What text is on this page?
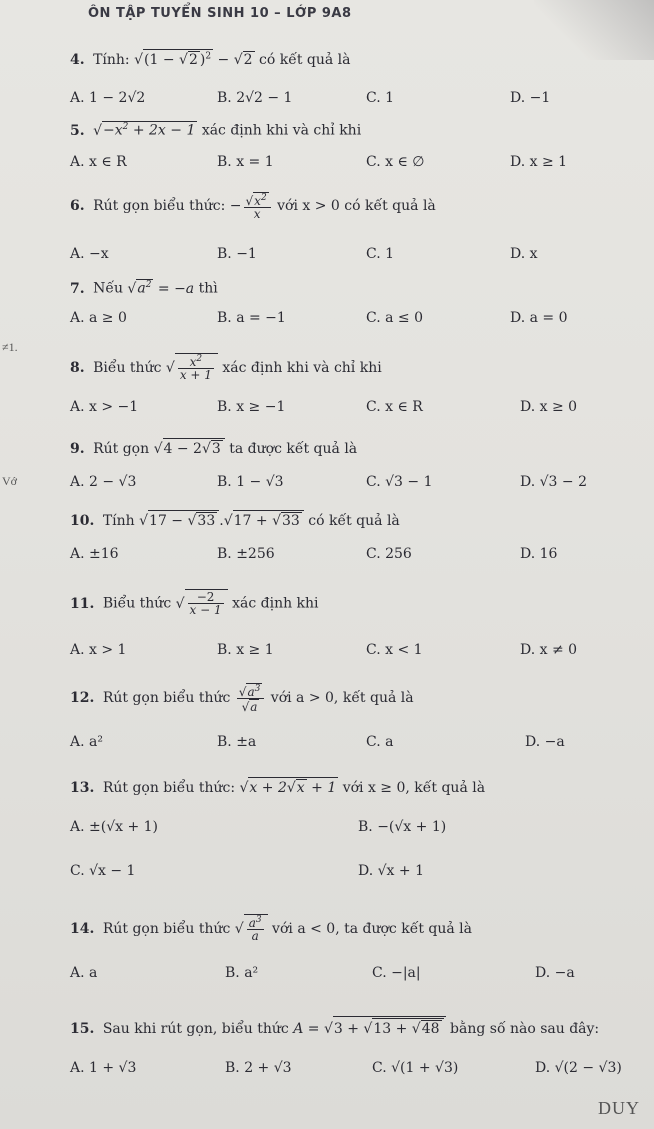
ÔN TẬP TUYỂN SINH 10 – LỚP 9A8
≠1.
Vớ
4. Tính: √(1 − √2 )$^2$ − √2 có kết quả là
A. 1 − 2√2	B. 2√2 − 1	C. 1	D. −1
5. $√-x^2 + 2x - 1$ xác định khi và chỉ khi
A. x ∈ R	B. x = 1	C. x ∈ ∅	D. x ≥ 1
6. Rút gọn biểu thức: − $\frac{√x^2}{x}$ với x > 0 có kết quả là
A. −x	B. −1	C. 1	D. x
7. Nếu $√a^2 = -a$ thì
A. a ≥ 0	B. a = −1	C. a ≤ 0	D. a = 0
8. Biểu thức √ $\frac{x^2}{x + 1}$ xác định khi và chỉ khi
A. x > −1	B. x ≥ −1	C. x ∈ R	D. x ≥ 0
9. Rút gọn √4 − 2√3 ta được kết quả là
A. 2 − √3	B. 1 − √3	C. √3 − 1	D. √3 − 2
10. Tính √17 − √33 .√17 + √33 có kết quả là
A. ±16	B. ±256	C. 256	D. 16
11. Biểu thức √ $\frac{-2}{x - 1}$ xác định khi
A. x > 1	B. x ≥ 1	C. x < 1	D. x ≠ 0
12. Rút gọn biểu thức $\frac{√a^3}{√a}$ với a > 0, kết quả là
A. a²	B. ±a	C. a	D. −a
13. Rút gọn biểu thức: √x + 2√x + 1 với x ≥ 0, kết quả là
A. ±(√x + 1)	B. −(√x + 1)
C. √x − 1	D. √x + 1
14. Rút gọn biểu thức √ $\frac{a^3}{a}$ với a < 0, ta được kết quả là
A. a	B. a²	C. −|a|	D. −a
15. Sau khi rút gọn, biểu thức A = √3 + √13 + √48 bằng số nào sau đây:
A. 1 + √3	B. 2 + √3	C. √(1 + √3)	D. √(2 − √3)
DUY
